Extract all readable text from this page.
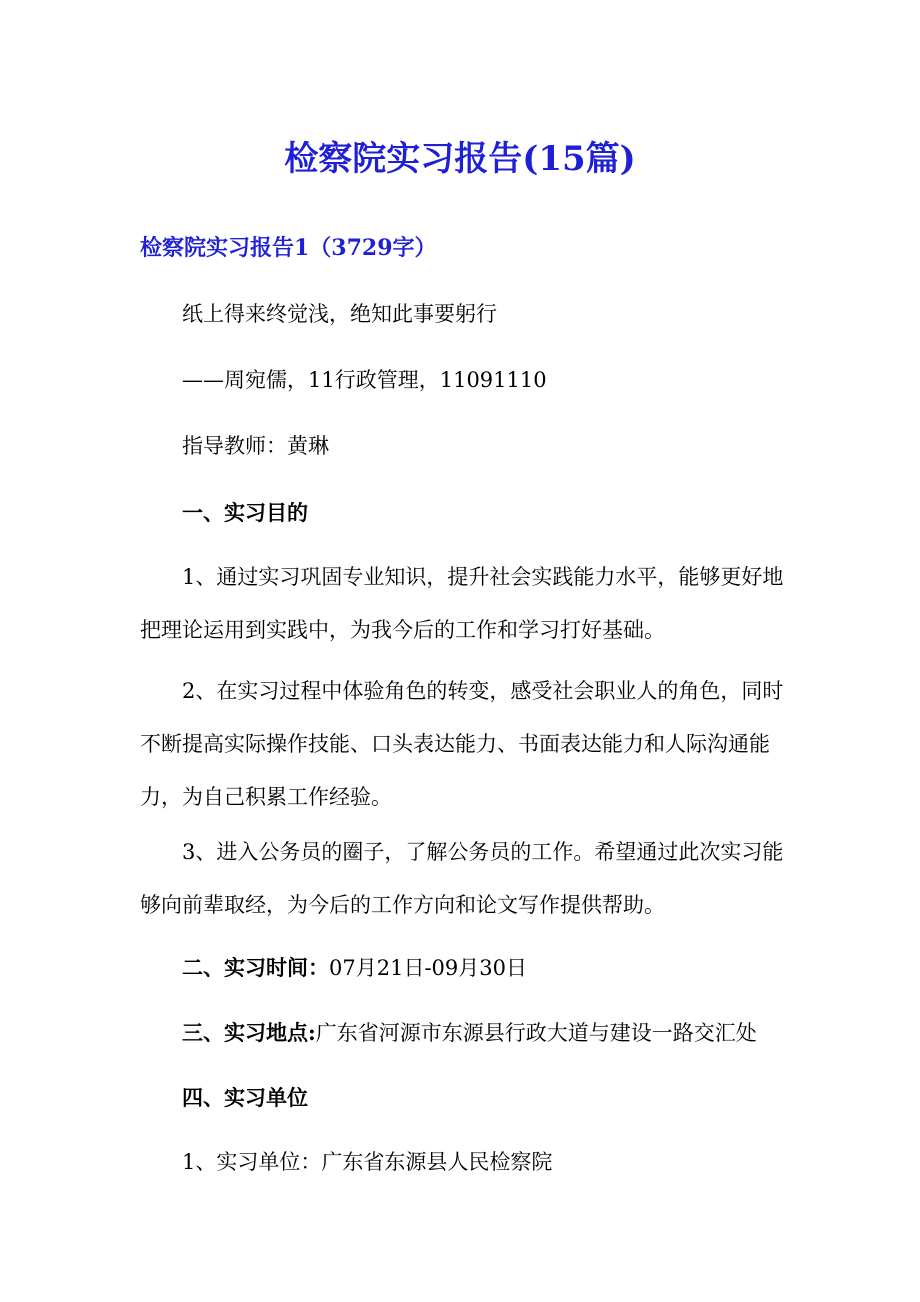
检察院实习报告(15篇)
检察院实习报告1（3729字）
纸上得来终觉浅，绝知此事要躬行
——周宛儒，11行政管理，11091110
指导教师：黄琳
一、实习目的
1、通过实习巩固专业知识，提升社会实践能力水平，能够更好地把理论运用到实践中，为我今后的工作和学习打好基础。
2、在实习过程中体验角色的转变，感受社会职业人的角色，同时不断提高实际操作技能、口头表达能力、书面表达能力和人际沟通能力，为自己积累工作经验。
3、进入公务员的圈子，了解公务员的工作。希望通过此次实习能够向前辈取经，为今后的工作方向和论文写作提供帮助。
二、实习时间：07月21日-09月30日
三、实习地点:广东省河源市东源县行政大道与建设一路交汇处
四、实习单位
1、实习单位：广东省东源县人民检察院
